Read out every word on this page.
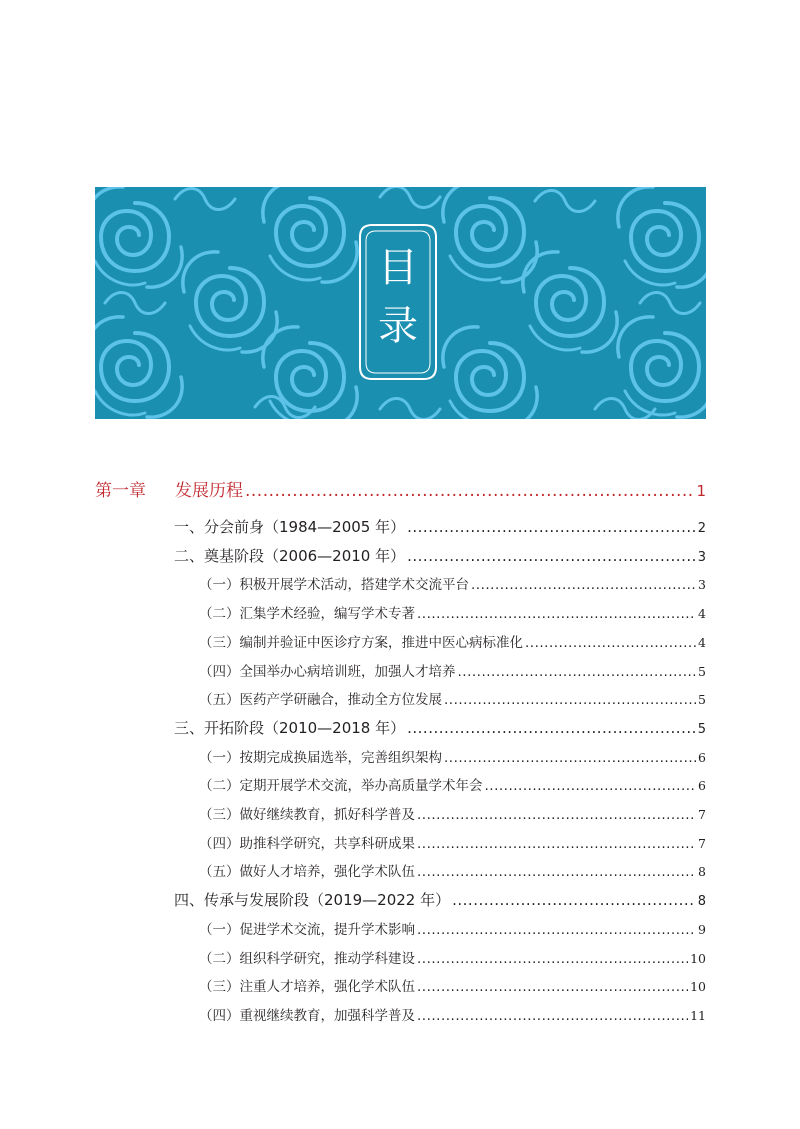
目
录
第一章 发展历程 .....	1
一、分会前身（1984—2005 年） .....	2
二、奠基阶段（2006—2010 年） .....	3
（一）积极开展学术活动，搭建学术交流平台 .....	3
（二）汇集学术经验，编写学术专著 .....	4
（三）编制并验证中医诊疗方案，推进中医心病标准化 .....	4
（四）全国举办心病培训班，加强人才培养 .....	5
（五）医药产学研融合，推动全方位发展 .....	5
三、开拓阶段（2010—2018 年） .....	5
（一）按期完成换届选举，完善组织架构 .....	6
（二）定期开展学术交流，举办高质量学术年会 .....	6
（三）做好继续教育，抓好科学普及 .....	7
（四）助推科学研究，共享科研成果 .....	7
（五）做好人才培养，强化学术队伍 .....	8
四、传承与发展阶段（2019—2022 年） .....	8
（一）促进学术交流，提升学术影响 .....	9
（二）组织科学研究，推动学科建设 .....	10
（三）注重人才培养，强化学术队伍 .....	10
（四）重视继续教育，加强科学普及 .....	11
